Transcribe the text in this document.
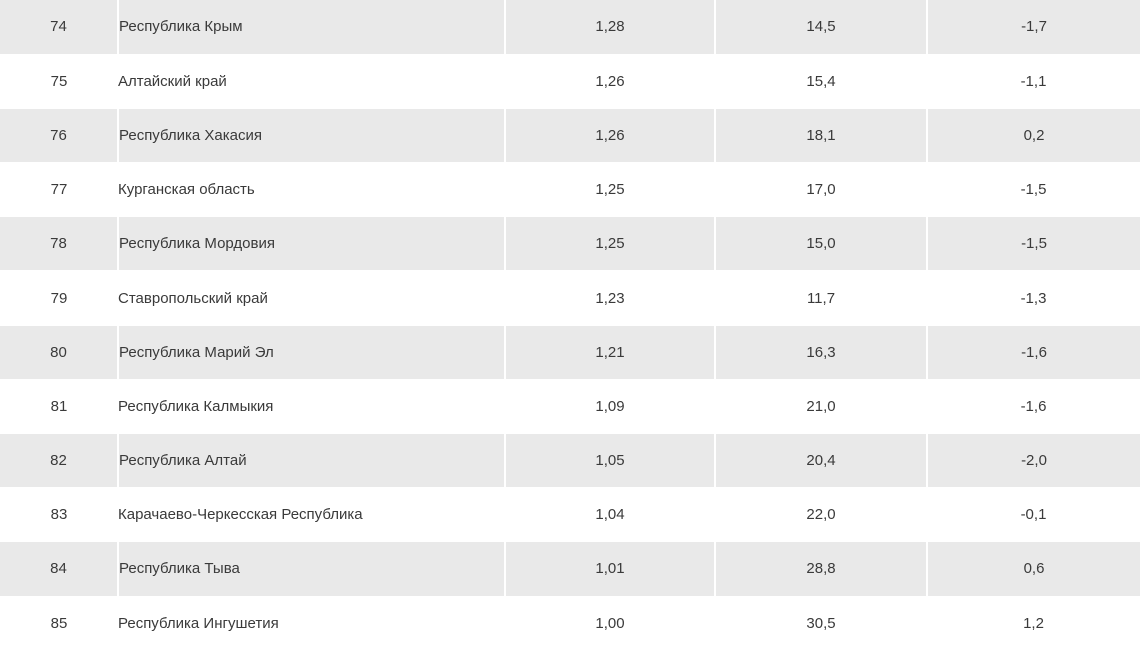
74	Республика Крым	1,28	14,5	-1,7
75	Алтайский край	1,26	15,4	-1,1
76	Республика Хакасия	1,26	18,1	0,2
77	Курганская область	1,25	17,0	-1,5
78	Республика Мордовия	1,25	15,0	-1,5
79	Ставропольский край	1,23	11,7	-1,3
80	Республика Марий Эл	1,21	16,3	-1,6
81	Республика Калмыкия	1,09	21,0	-1,6
82	Республика Алтай	1,05	20,4	-2,0
83	Карачаево-Черкесская Республика	1,04	22,0	-0,1
84	Республика Тыва	1,01	28,8	0,6
85	Республика Ингушетия	1,00	30,5	1,2
